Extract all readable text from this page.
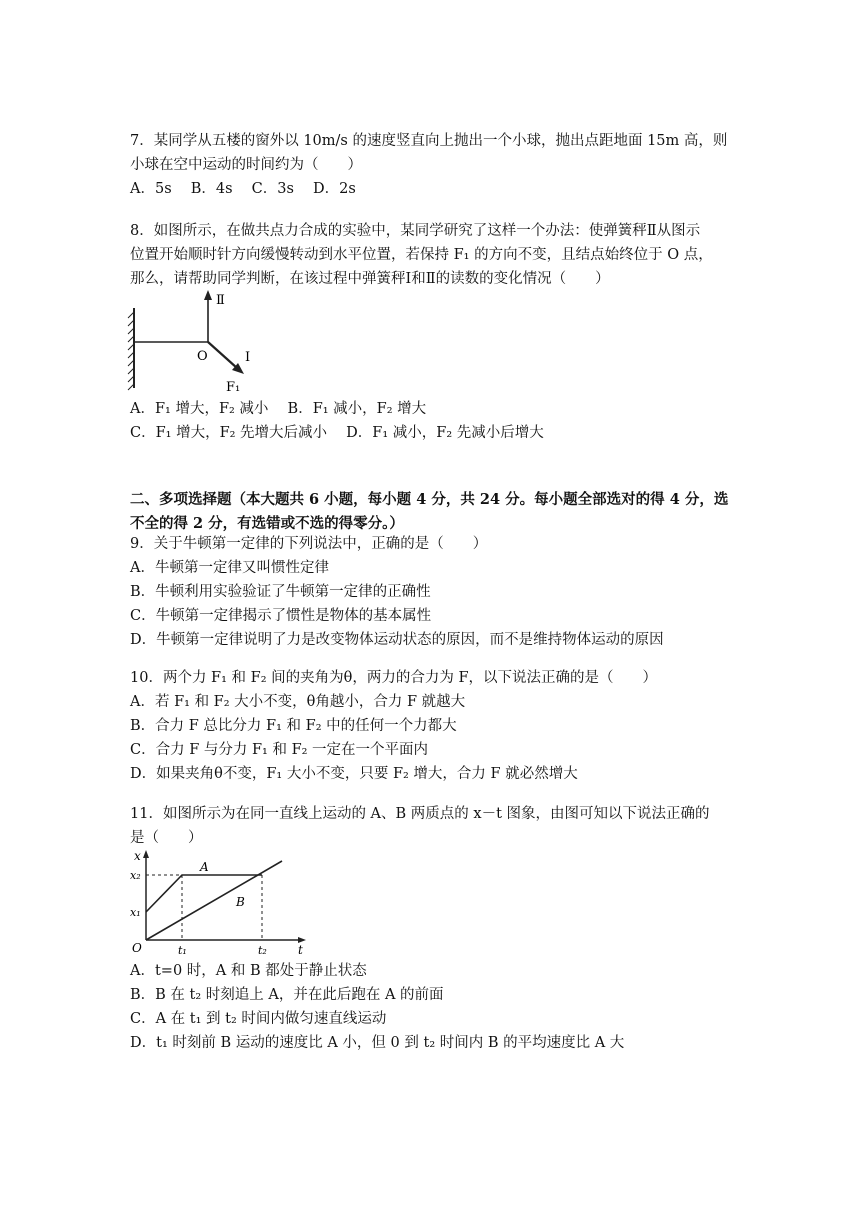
7．某同学从五楼的窗外以 10m/s 的速度竖直向上抛出一个小球，抛出点距地面 15m 高，则
小球在空中运动的时间约为（　　）
A．5s　 B．4s　 C．3s　 D．2s
8．如图所示，在做共点力合成的实验中，某同学研究了这样一个办法：使弹簧秤Ⅱ从图示
位置开始顺时针方向缓慢转动到水平位置，若保持 F₁ 的方向不变，且结点始终位于 O 点，
那么，请帮助同学判断，在该过程中弹簧秤Ⅰ和Ⅱ的读数的变化情况（　　）
Ⅱ
O	I
F₁
A．F₁ 增大，F₂ 减小　 B．F₁ 减小，F₂ 增大
C．F₁ 增大，F₂ 先增大后减小　 D．F₁ 减小，F₂ 先减小后增大
二、多项选择题（本大题共 6 小题，每小题 4 分，共 24 分。每小题全部选对的得 4 分，选
不全的得 2 分，有选错或不选的得零分。）
9．关于牛顿第一定律的下列说法中，正确的是（　　）
A．牛顿第一定律又叫惯性定律
B．牛顿利用实验验证了牛顿第一定律的正确性
C．牛顿第一定律揭示了惯性是物体的基本属性
D．牛顿第一定律说明了力是改变物体运动状态的原因，而不是维持物体运动的原因
10．两个力 F₁ 和 F₂ 间的夹角为θ，两力的合力为 F，以下说法正确的是（　　）
A．若 F₁ 和 F₂ 大小不变，θ角越小，合力 F 就越大
B．合力 F 总比分力 F₁ 和 F₂ 中的任何一个力都大
C．合力 F 与分力 F₁ 和 F₂ 一定在一个平面内
D．如果夹角θ不变，F₁ 大小不变，只要 F₂ 增大，合力 F 就必然增大
11．如图所示为在同一直线上运动的 A、B 两质点的 x－t 图象，由图可知以下说法正确的
是（　　）
x
t
O
x₂
x₁
t₁	t₂
A
B
A．t=0 时，A 和 B 都处于静止状态
B．B 在 t₂ 时刻追上 A，并在此后跑在 A 的前面
C．A 在 t₁ 到 t₂ 时间内做匀速直线运动
D．t₁ 时刻前 B 运动的速度比 A 小，但 0 到 t₂ 时间内 B 的平均速度比 A 大
